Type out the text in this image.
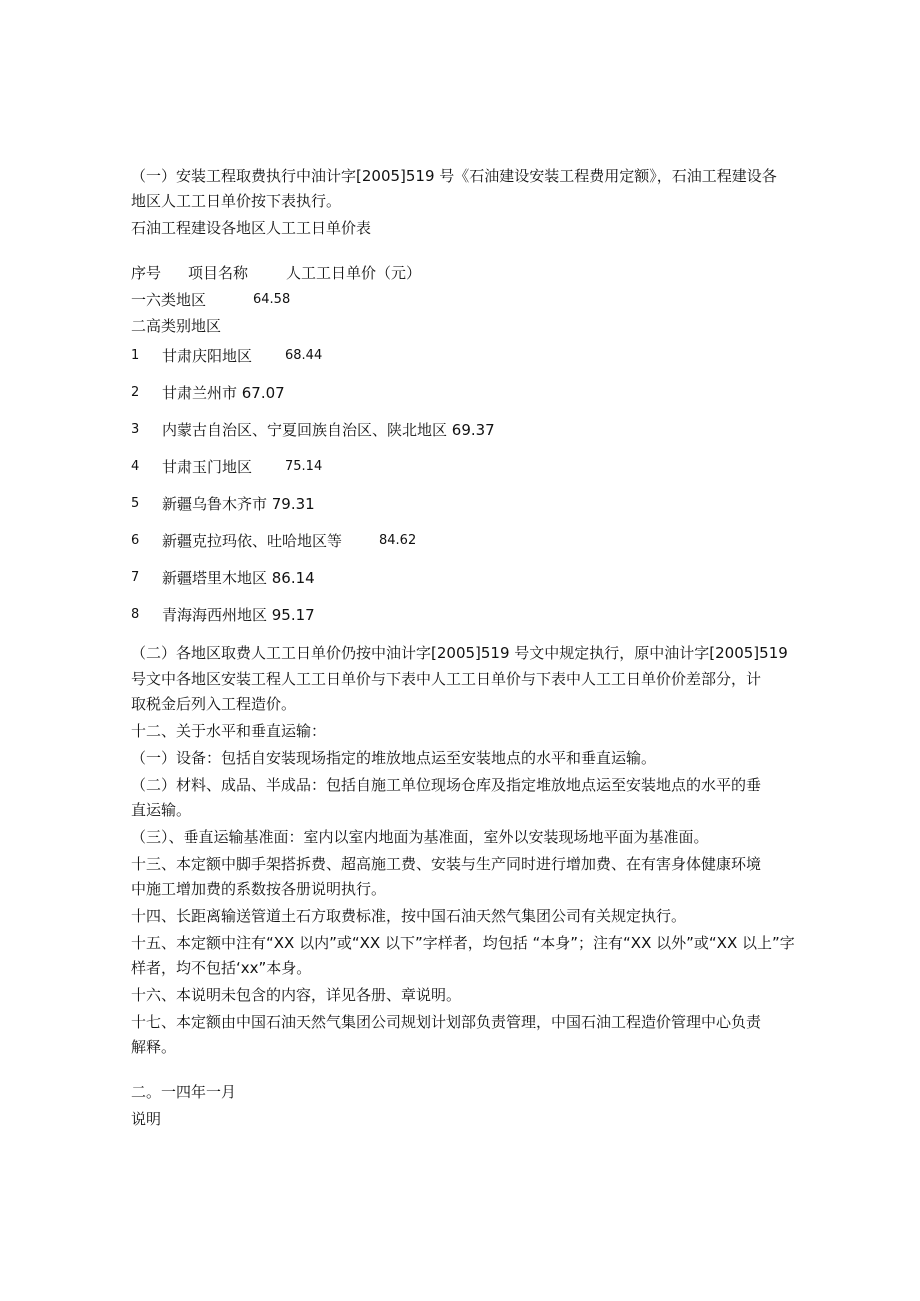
（一）安装工程取费执行中油计字[2005]519 号《石油建设安装工程费用定额》，石油工程建设各
地区人工工日单价按下表执行。
石油工程建设各地区人工工日单价表
序号 项目名称	人工工日单价（元）
一六类地区	64.58
二高类别地区
1 甘肃庆阳地区	68.44
2 甘肃兰州市 67.07
3 内蒙古自治区、宁夏回族自治区、陕北地区 69.37
4 甘肃玉门地区	75.14
5 新疆乌鲁木齐市 79.31
6 新疆克拉玛依、吐哈地区等	84.62
7 新疆塔里木地区 86.14
8 青海海西州地区 95.17
（二）各地区取费人工工日单价仍按中油计字[2005]519 号文中规定执行，原中油计字[2005]519
号文中各地区安装工程人工工日单价与下表中人工工日单价与下表中人工工日单价价差部分，计
取税金后列入工程造价。
十二、关于水平和垂直运输：
（一）设备：包括自安装现场指定的堆放地点运至安装地点的水平和垂直运输。
（二）材料、成品、半成品：包括自施工单位现场仓库及指定堆放地点运至安装地点的水平的垂
直运输。
（三）、垂直运输基准面：室内以室内地面为基准面，室外以安装现场地平面为基准面。
十三、本定额中脚手架搭拆费、超高施工费、安装与生产同时进行增加费、在有害身体健康环境
中施工增加费的系数按各册说明执行。
十四、长距离输送管道土石方取费标准，按中国石油天然气集团公司有关规定执行。
十五、本定额中注有“XX 以内”或“XX 以下”字样者，均包括 “本身”；注有“XX 以外”或“XX 以上”字
样者，均不包括‘xx”本身。
十六、本说明未包含的内容，详见各册、章说明。
十七、本定额由中国石油天然气集团公司规划计划部负责管理，中国石油工程造价管理中心负责
解释。
二。一四年一月
说明
